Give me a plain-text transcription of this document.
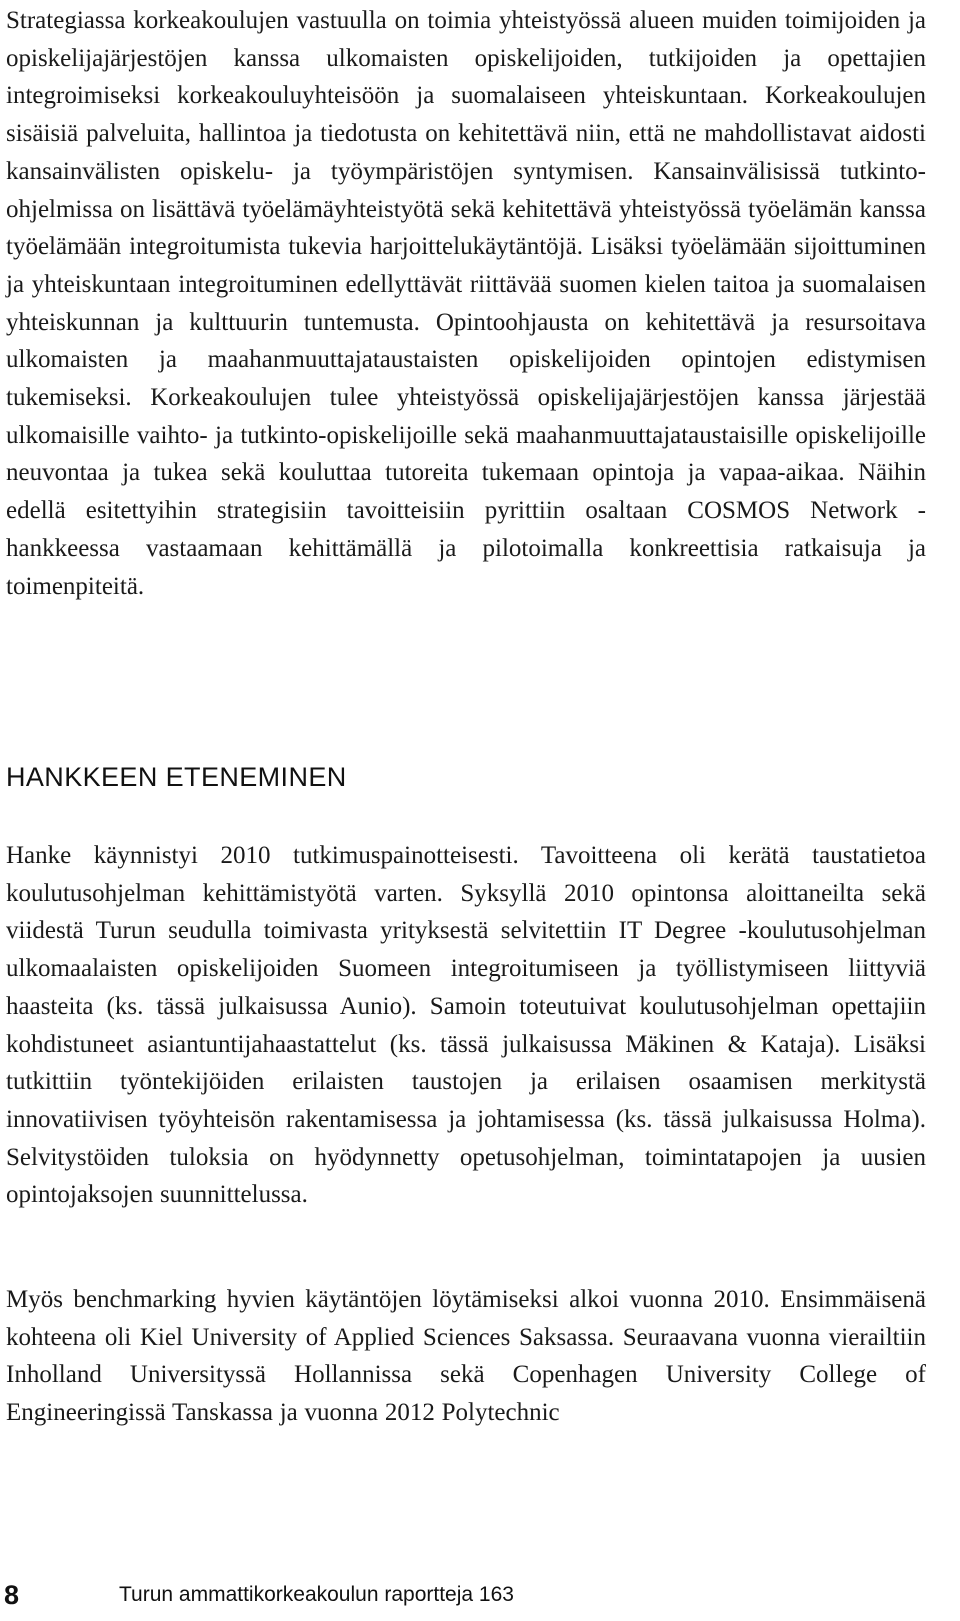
Strategiassa korkeakoulujen vastuulla on toimia yhteistyössä alueen muiden toimijoiden ja opiskelijajärjestöjen kanssa ulkomaisten opiskelijoiden, tutkijoiden ja opettajien integroimiseksi korkeakouluyhteisöön ja suomalaiseen yhteiskuntaan. Korkeakoulujen sisäisiä palveluita, hallintoa ja tiedotusta on kehitettävä niin, että ne mahdollistavat aidosti kansainvälisten opiskelu- ja työympäristöjen syntymisen. Kansainvälisissä tutkinto-ohjelmissa on lisättävä työelämäyhteistyötä sekä kehitettävä yhteistyössä työelämän kanssa työelämään integroitumista tukevia harjoittelukäytäntöjä. Lisäksi työelämään sijoittuminen ja yhteiskuntaan integroituminen edellyttävät riittävää suomen kielen taitoa ja suomalaisen yhteiskunnan ja kulttuurin tuntemusta. Opintoohjausta on kehitettävä ja resursoitava ulkomaisten ja maahanmuuttajataustaisten opiskelijoiden opintojen edistymisen tukemiseksi. Korkeakoulujen tulee yhteistyössä opiskelijajärjestöjen kanssa järjestää ulkomaisille vaihto- ja tutkinto-opiskelijoille sekä maahanmuuttajataustaisille opiskelijoille neuvontaa ja tukea sekä kouluttaa tutoreita tukemaan opintoja ja vapaa-aikaa. Näihin edellä esitettyihin strategisiin tavoitteisiin pyrittiin osaltaan COSMOS Network -hankkeessa vastaamaan kehittämällä ja pilotoimalla konkreettisia ratkaisuja ja toimenpiteitä.

HANKKEEN ETENEMINEN

Hanke käynnistyi 2010 tutkimuspainotteisesti. Tavoitteena oli kerätä taustatietoa koulutusohjelman kehittämistyötä varten. Syksyllä 2010 opintonsa aloittaneilta sekä viidestä Turun seudulla toimivasta yrityksestä selvitettiin IT Degree -koulutusohjelman ulkomaalaisten opiskelijoiden Suomeen integroitumiseen ja työllistymiseen liittyviä haasteita (ks. tässä julkaisussa Aunio). Samoin toteutuivat koulutusohjelman opettajiin kohdistuneet asiantuntijahaastattelut (ks. tässä julkaisussa Mäkinen & Kataja). Lisäksi tutkittiin työntekijöiden erilaisten taustojen ja erilaisen osaamisen merkitystä innovatiivisen työyhteisön rakentamisessa ja johtamisessa (ks. tässä julkaisussa Holma). Selvitystöiden tuloksia on hyödynnetty opetusohjelman, toimintatapojen ja uusien opintojaksojen suunnittelussa.

Myös benchmarking hyvien käytäntöjen löytämiseksi alkoi vuonna 2010. Ensimmäisenä kohteena oli Kiel University of Applied Sciences Saksassa. Seuraavana vuonna vierailtiin Inholland Universityssä Hollannissa sekä Copenhagen University College of Engineeringissä Tanskassa ja vuonna 2012 Polytechnic

8	Turun ammattikorkeakoulun raportteja 163
